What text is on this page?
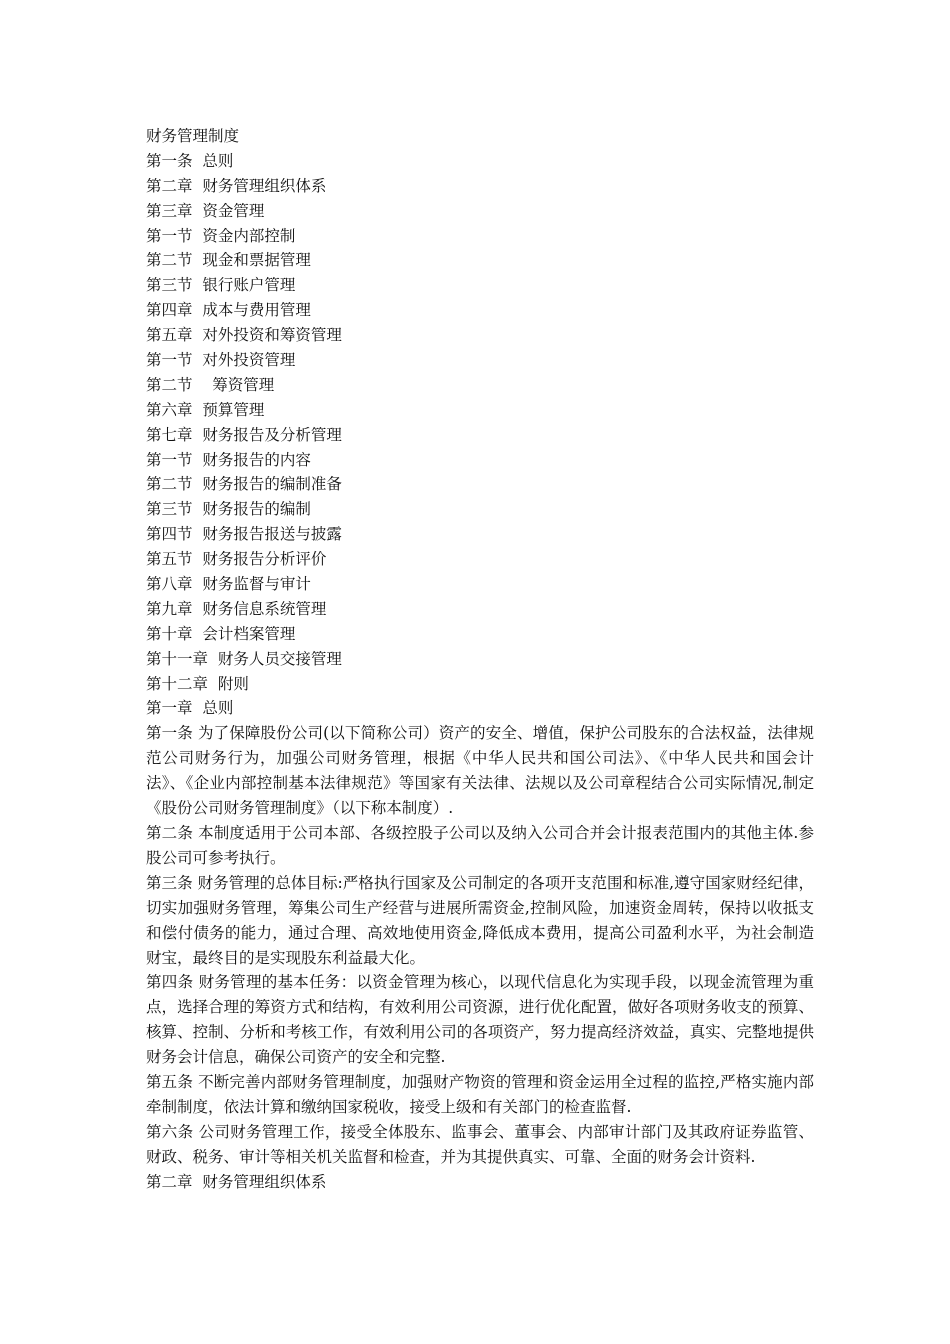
财务管理制度
第一条  总则
第二章  财务管理组织体系
第三章  资金管理
第一节  资金内部控制
第二节  现金和票据管理
第三节  银行账户管理
第四章  成本与费用管理
第五章  对外投资和筹资管理
第一节  对外投资管理
第二节    筹资管理
第六章  预算管理
第七章  财务报告及分析管理
第一节  财务报告的内容
第二节  财务报告的编制准备
第三节  财务报告的编制
第四节  财务报告报送与披露
第五节  财务报告分析评价
第八章  财务监督与审计
第九章  财务信息系统管理
第十章  会计档案管理
第十一章  财务人员交接管理
第十二章  附则
第一章  总则
第一条 为了保障股份公司(以下简称公司）资产的安全、增值，保护公司股东的合法权益，法律规范公司财务行为，加强公司财务管理，根据《中华人民共和国公司法》、《中华人民共和国会计法》、《企业内部控制基本法律规范》等国家有关法律、法规以及公司章程结合公司实际情况,制定《股份公司财务管理制度》（以下称本制度）.
第二条 本制度适用于公司本部、各级控股子公司以及纳入公司合并会计报表范围内的其他主体.参股公司可参考执行。
第三条 财务管理的总体目标:严格执行国家及公司制定的各项开支范围和标准,遵守国家财经纪律，切实加强财务管理，筹集公司生产经营与进展所需资金,控制风险，加速资金周转，保持以收抵支和偿付债务的能力，通过合理、高效地使用资金,降低成本费用，提高公司盈利水平，为社会制造财宝，最终目的是实现股东利益最大化。
第四条 财务管理的基本任务：以资金管理为核心，以现代信息化为实现手段，以现金流管理为重点，选择合理的筹资方式和结构，有效利用公司资源，进行优化配置，做好各项财务收支的预算、核算、控制、分析和考核工作，有效利用公司的各项资产，努力提高经济效益，真实、完整地提供财务会计信息，确保公司资产的安全和完整.
第五条 不断完善内部财务管理制度，加强财产物资的管理和资金运用全过程的监控,严格实施内部牵制制度，依法计算和缴纳国家税收，接受上级和有关部门的检查监督.
第六条 公司财务管理工作，接受全体股东、监事会、董事会、内部审计部门及其政府证券监管、财政、税务、审计等相关机关监督和检查，并为其提供真实、可靠、全面的财务会计资料.
第二章  财务管理组织体系
